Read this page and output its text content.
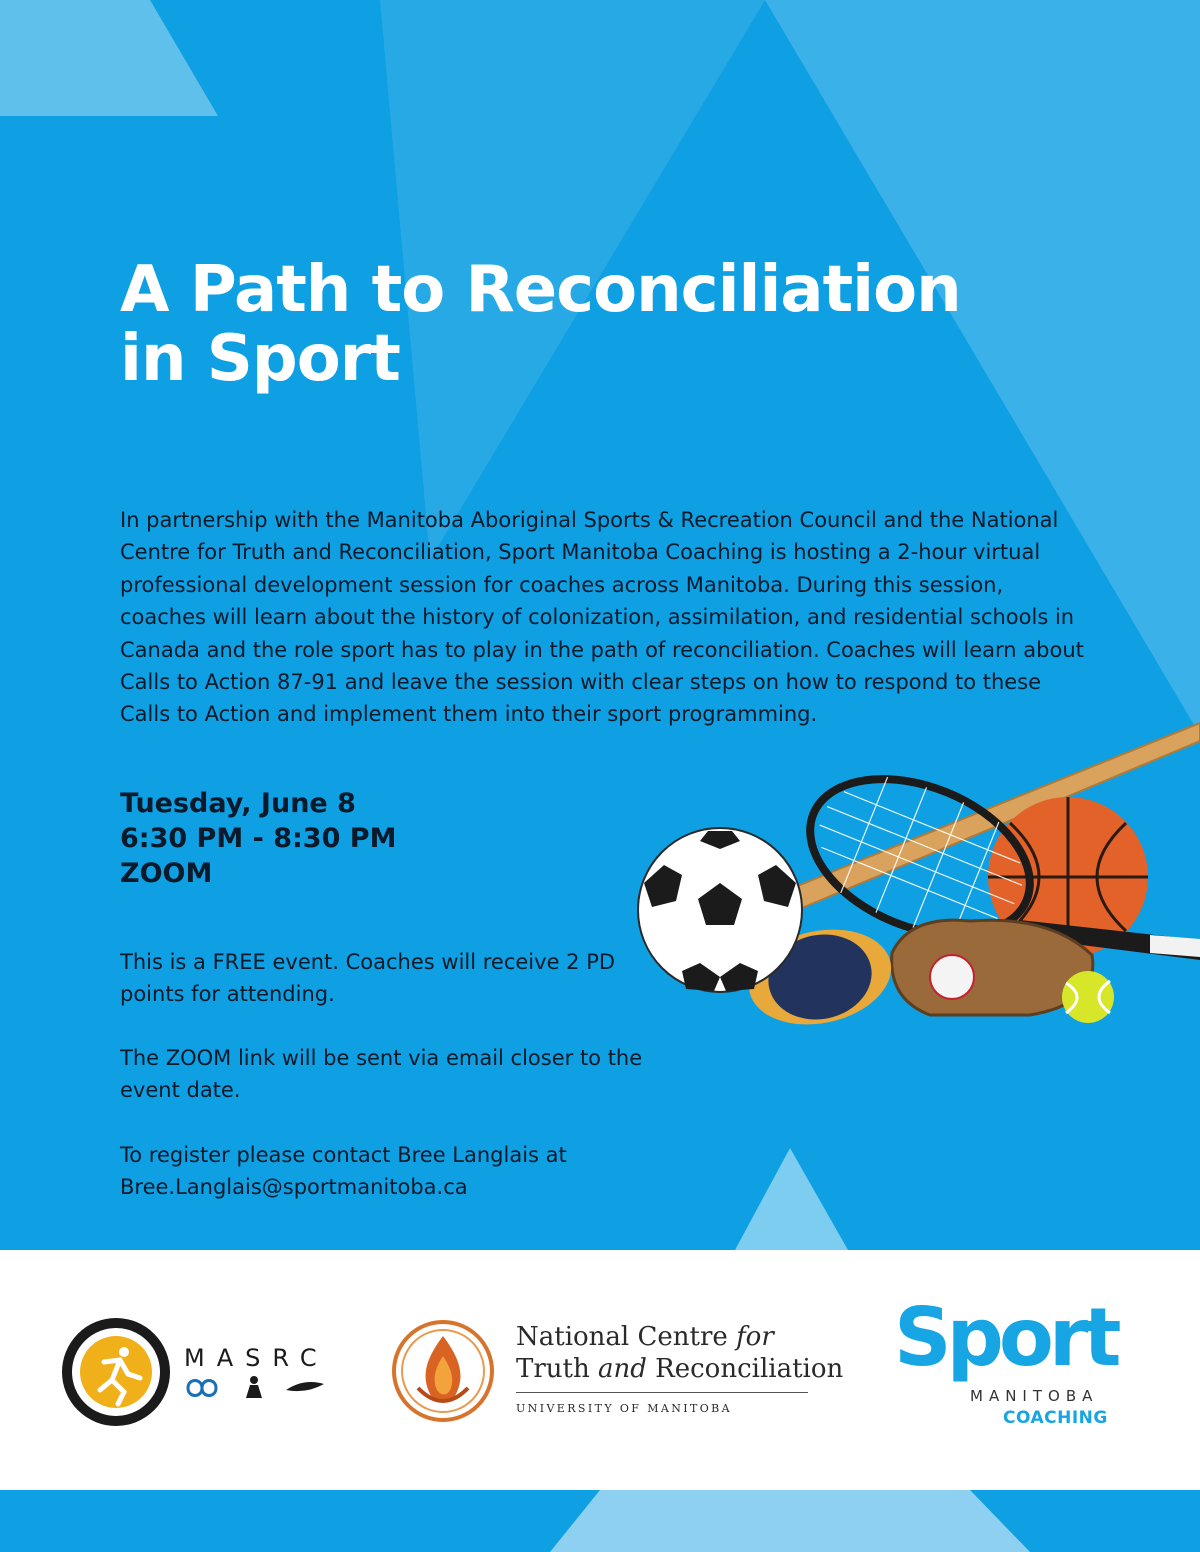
A Path to Reconciliation
in Sport

In partnership with the Manitoba Aboriginal Sports & Recreation Council and the National Centre for Truth and Reconciliation, Sport Manitoba Coaching is hosting a 2-hour virtual professional development session for coaches across Manitoba. During this session, coaches will learn about the history of colonization, assimilation, and residential schools in Canada and the role sport has to play in the path of reconciliation. Coaches will learn about Calls to Action 87-91 and leave the session with clear steps on how to respond to these Calls to Action and implement them into their sport programming.

Tuesday, June 8
6:30 PM - 8:30 PM
ZOOM

This is a FREE event. Coaches will receive 2 PD points for attending.

The ZOOM link will be sent via email closer to the event date.

To register please contact Bree Langlais at
Bree.Langlais@sportmanitoba.ca

MASRC
National Centre for
Truth and Reconciliation
UNIVERSITY OF MANITOBA
Sport
MANITOBA
COACHING
